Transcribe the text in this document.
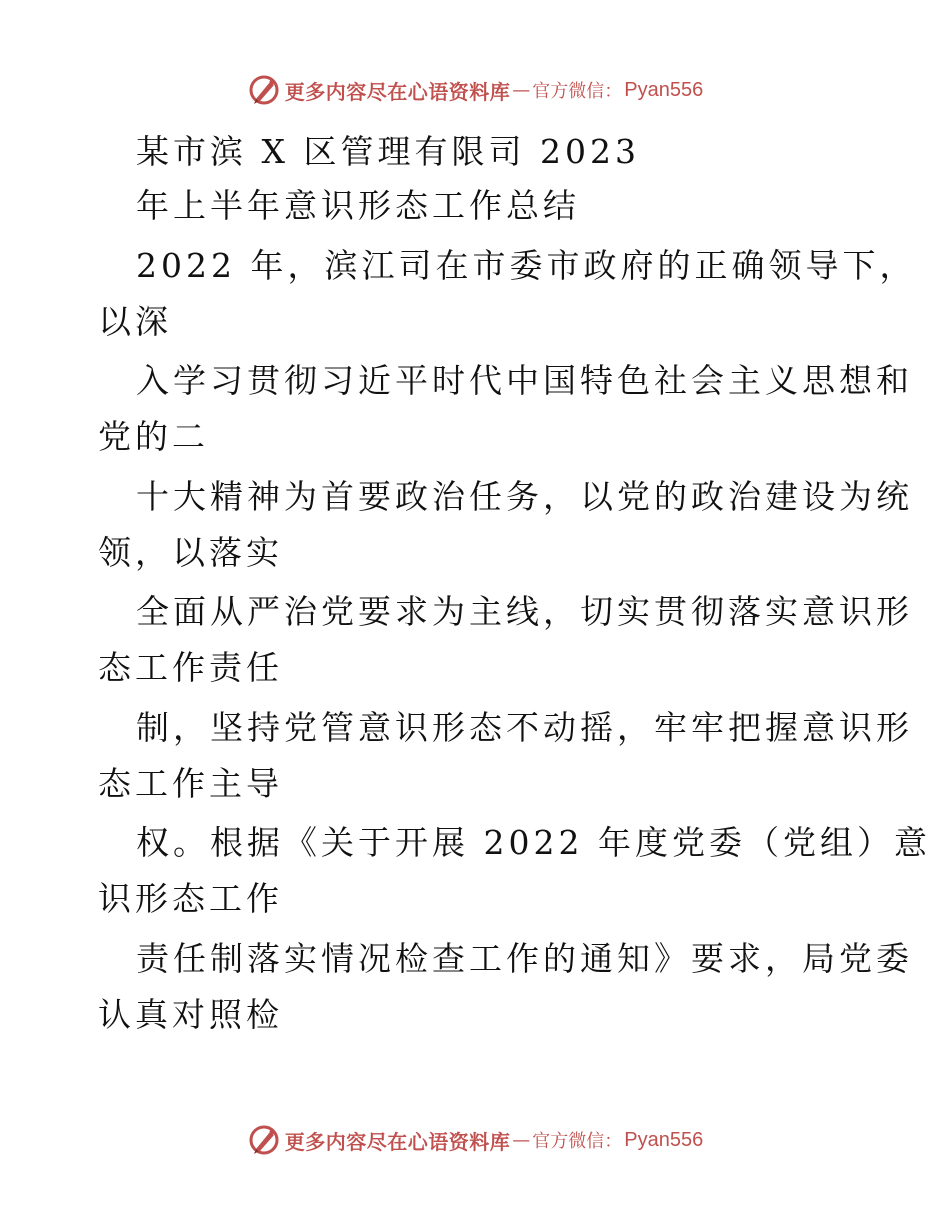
更多内容尽在心语资料库 — 官方微信： Pyan556
某市滨 X 区管理有限司 2023
年上半年意识形态工作总结
2022 年，滨江司在市委市政府的正确领导下，
以深
入学习贯彻习近平时代中国特色社会主义思想和
党的二
十大精神为首要政治任务，以党的政治建设为统
领，以落实
全面从严治党要求为主线，切实贯彻落实意识形
态工作责任
制，坚持党管意识形态不动摇，牢牢把握意识形
态工作主导
权。根据《关于开展 2022 年度党委（党组）意
识形态工作
责任制落实情况检查工作的通知》要求，局党委
认真对照检
更多内容尽在心语资料库 — 官方微信： Pyan556
